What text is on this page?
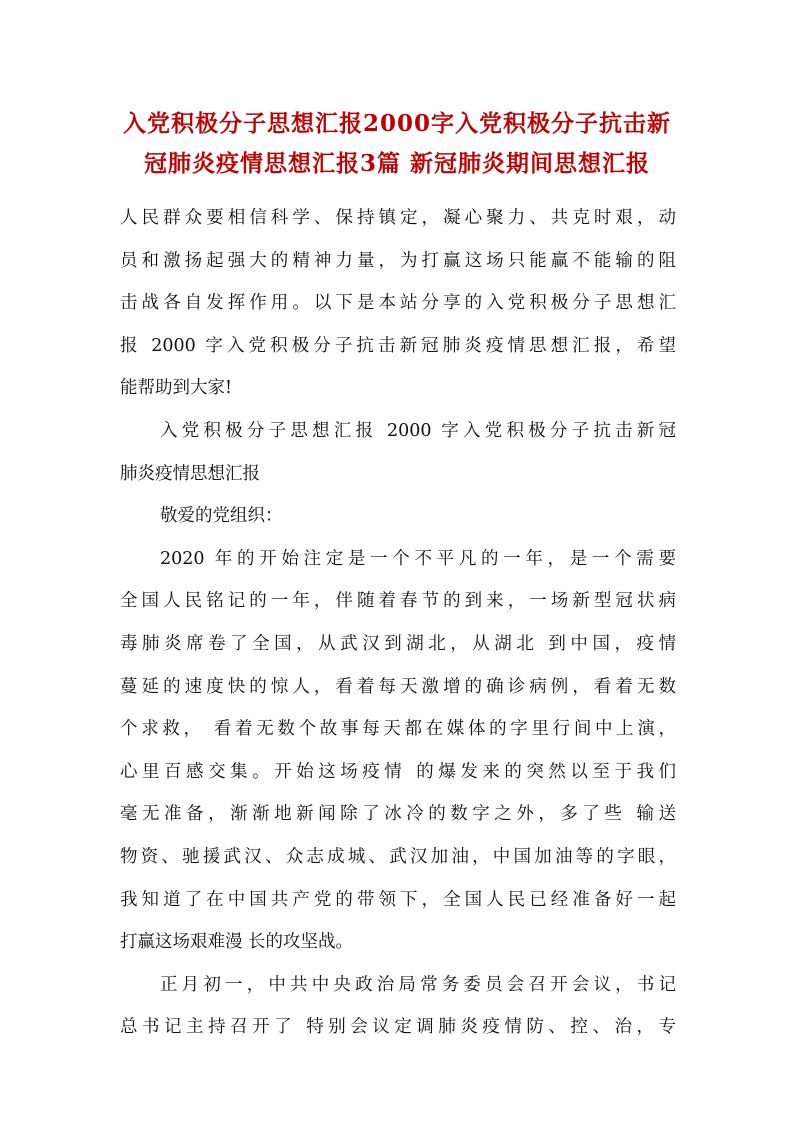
入党积极分子思想汇报2000字入党积极分子抗击新
冠肺炎疫情思想汇报3篇 新冠肺炎期间思想汇报
人民群众要相信科学、保持镇定，凝心聚力、共克时艰，动
员和激扬起强大的精神力量，为打赢这场只能赢不能输的阻
击战各自发挥作用。以下是本站分享的入党积极分子思想汇
报 2000 字入党积极分子抗击新冠肺炎疫情思想汇报，希望
能帮助到大家!
入党积极分子思想汇报 2000 字入党积极分子抗击新冠
肺炎疫情思想汇报
敬爱的党组织：
2020 年的开始注定是一个不平凡的一年，是一个需要
全国人民铭记的一年，伴随着春节的到来，一场新型冠状病
毒肺炎席卷了全国，从武汉到湖北，从湖北 到中国，疫情
蔓延的速度快的惊人，看着每天激增的确诊病例，看着无数
个求救， 看着无数个故事每天都在媒体的字里行间中上演，
心里百感交集。开始这场疫情 的爆发来的突然以至于我们
毫无准备，渐渐地新闻除了冰冷的数字之外，多了些 输送
物资、驰援武汉、众志成城、武汉加油，中国加油等的字眼，
我知道了在中国共产党的带领下，全国人民已经准备好一起
打赢这场艰难漫 长的攻坚战。
正月初一，中共中央政治局常务委员会召开会议，书记
总书记主持召开了 特别会议定调肺炎疫情防、控、治，专
